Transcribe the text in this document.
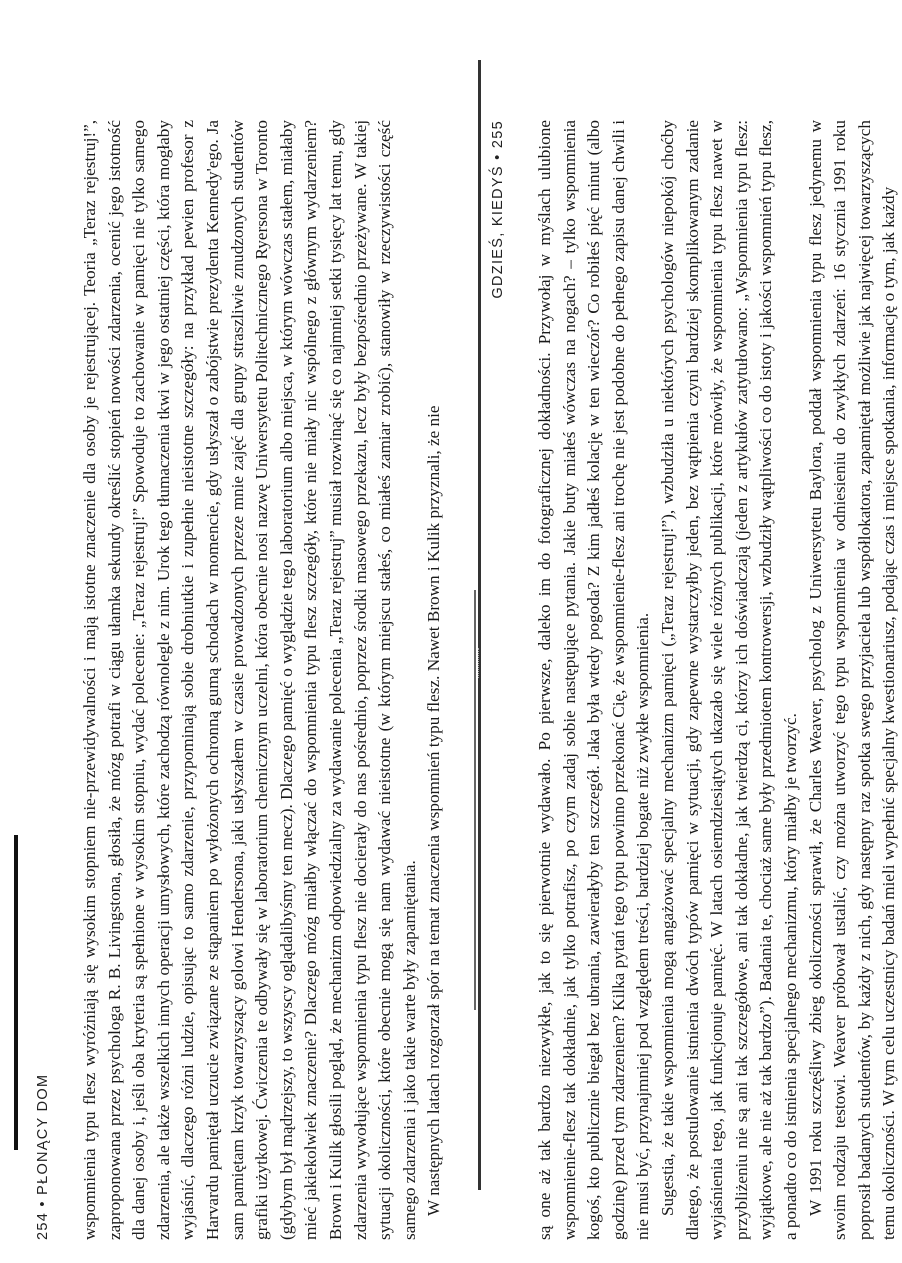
254 • PŁONĄCY DOM	wspomnienia typu flesz wyróżniają się wysokim stopniem nie-przewidywalności i mają istotne znaczenie dla osoby je rejestrującej. Teoria „Teraz rejestruj!”, zaproponowana przez psychologa R. B. Livingstona, głosiła, że mózg potrafi w ciągu ułamka sekundy określić stopień nowości zdarzenia, ocenić jego istotność dla danej osoby i, jeśli oba kryteria są spełnione w wysokim stopniu, wydać polecenie: „Teraz rejestruj!” Spowoduje to zachowanie w pamięci nie tylko samego zdarzenia, ale także wszelkich innych operacji umysłowych, które zachodzą równolegle z nim. Urok tego tłumaczenia tkwi w jego ostatniej części, która mogłaby wyjaśnić, dlaczego różni ludzie, opisując to samo zdarzenie, przypominają sobie drobniutkie i zupełnie nieistotne szczegóły: na przykład pewien profesor z Harvardu pamiętał uczucie związane ze stąpaniem po wyłożonych ochronną gumą schodach w momencie, gdy usłyszał o zabójstwie prezydenta Kennedy'ego. Ja sam pamiętam krzyk towarzyszący golowi Hendersona, jaki usłyszałem w czasie prowadzonych przeze mnie zajęć dla grupy straszliwie znudzonych studentów grafiki użytkowej. Ćwiczenia te odbywały się w laboratorium chemicznym uczelni, która obecnie nosi nazwę Uniwersytetu Politechnicznego Ryersona w Toronto (gdybym był mądrzejszy, to wszyscy oglądalibyśmy ten mecz). Dlaczego pamięć o wyglądzie tego laboratorium albo miejsca, w którym wówczas stałem, miałaby mieć jakiekolwiek znaczenie? Dlaczego mózg miałby włączać do wspomnienia typu flesz szczegóły, które nie miały nic wspólnego z głównym wydarzeniem? Brown i Kulik głosili pogląd, że mechanizm odpowiedzialny za wydawanie polecenia „Teraz rejestruj” musiał rozwinąć się co najmniej setki tysięcy lat temu, gdy zdarzenia wywołujące wspomnienia typu flesz nie docierały do nas pośrednio, poprzez środki masowego przekazu, lecz były bezpośrednio przeżywane. W takiej sytuacji okoliczności, które obecnie mogą się nam wydawać nieistotne (w którym miejscu stałeś, co miałeś zamiar zrobić), stanowiły w rzeczywistości część samego zdarzenia i jako takie warte były zapamiętania. W następnych latach rozgorzał spór na temat znaczenia wspomnień typu flesz. Nawet Brown i Kulik przyznali, że nie

GDZIEŚ, KIEDYŚ • 255	są one aż tak bardzo niezwykłe, jak to się pierwotnie wydawało. Po pierwsze, daleko im do fotograficznej dokładności. Przywołaj w myślach ulubione wspomnienie-flesz tak dokładnie, jak tylko potrafisz, po czym zadaj sobie następujące pytania. Jakie buty miałeś wówczas na nogach? – tylko wspomnienia kogoś, kto publicznie biegał bez ubrania, zawierałyby ten szczegół. Jaka była wtedy pogoda? Z kim jadłeś kolację w ten wieczór? Co robiłeś pięć minut (albo godzinę) przed tym zdarzeniem? Kilka pytań tego typu powinno przekonać Cię, że wspomnienie-flesz ani trochę nie jest podobne do pełnego zapisu danej chwili i nie musi być, przynajmniej pod względem treści, bardziej bogate niż zwykłe wspomnienia. Sugestia, że takie wspomnienia mogą angażować specjalny mechanizm pamięci („Teraz rejestruj!”), wzbudziła u niektórych psychologów niepokój choćby dlatego, że postulowanie istnienia dwóch typów pamięci w sytuacji, gdy zapewne wystarczyłby jeden, bez wątpienia czyni bardziej skomplikowanym zadanie wyjaśnienia tego, jak funkcjonuje pamięć. W latach osiemdziesiątych ukazało się wiele różnych publikacji, które mówiły, że wspomnienia typu flesz nawet w przybliżeniu nie są ani tak szczegółowe, ani tak dokładne, jak twierdzą ci, którzy ich doświadczają (jeden z artykułów zatytułowano: „Wspomnienia typu flesz: wyjątkowe, ale nie aż tak bardzo”). Badania te, chociaż same były przedmiotem kontrowersji, wzbudziły wątpliwości co do istoty i jakości wspomnień typu flesz, a ponadto co do istnienia specjalnego mechanizmu, który miałby je tworzyć. W 1991 roku szczęśliwy zbieg okoliczności sprawił, że Charles Weaver, psycholog z Uniwersytetu Baylora, poddał wspomnienia typu flesz jedynemu w swoim rodzaju testowi. Weaver próbował ustalić, czy można utworzyć tego typu wspomnienia w odniesieniu do zwykłych zdarzeń: 16 stycznia 1991 roku poprosił badanych studentów, by każdy z nich, gdy następny raz spotka swego przyjaciela lub współlokatora, zapamiętał możliwie jak najwięcej towarzyszących temu okoliczności. W tym celu uczestnicy badań mieli wypełnić specjalny kwestionariusz, podając czas i miejsce spotkania, informację o tym, jak każdy
